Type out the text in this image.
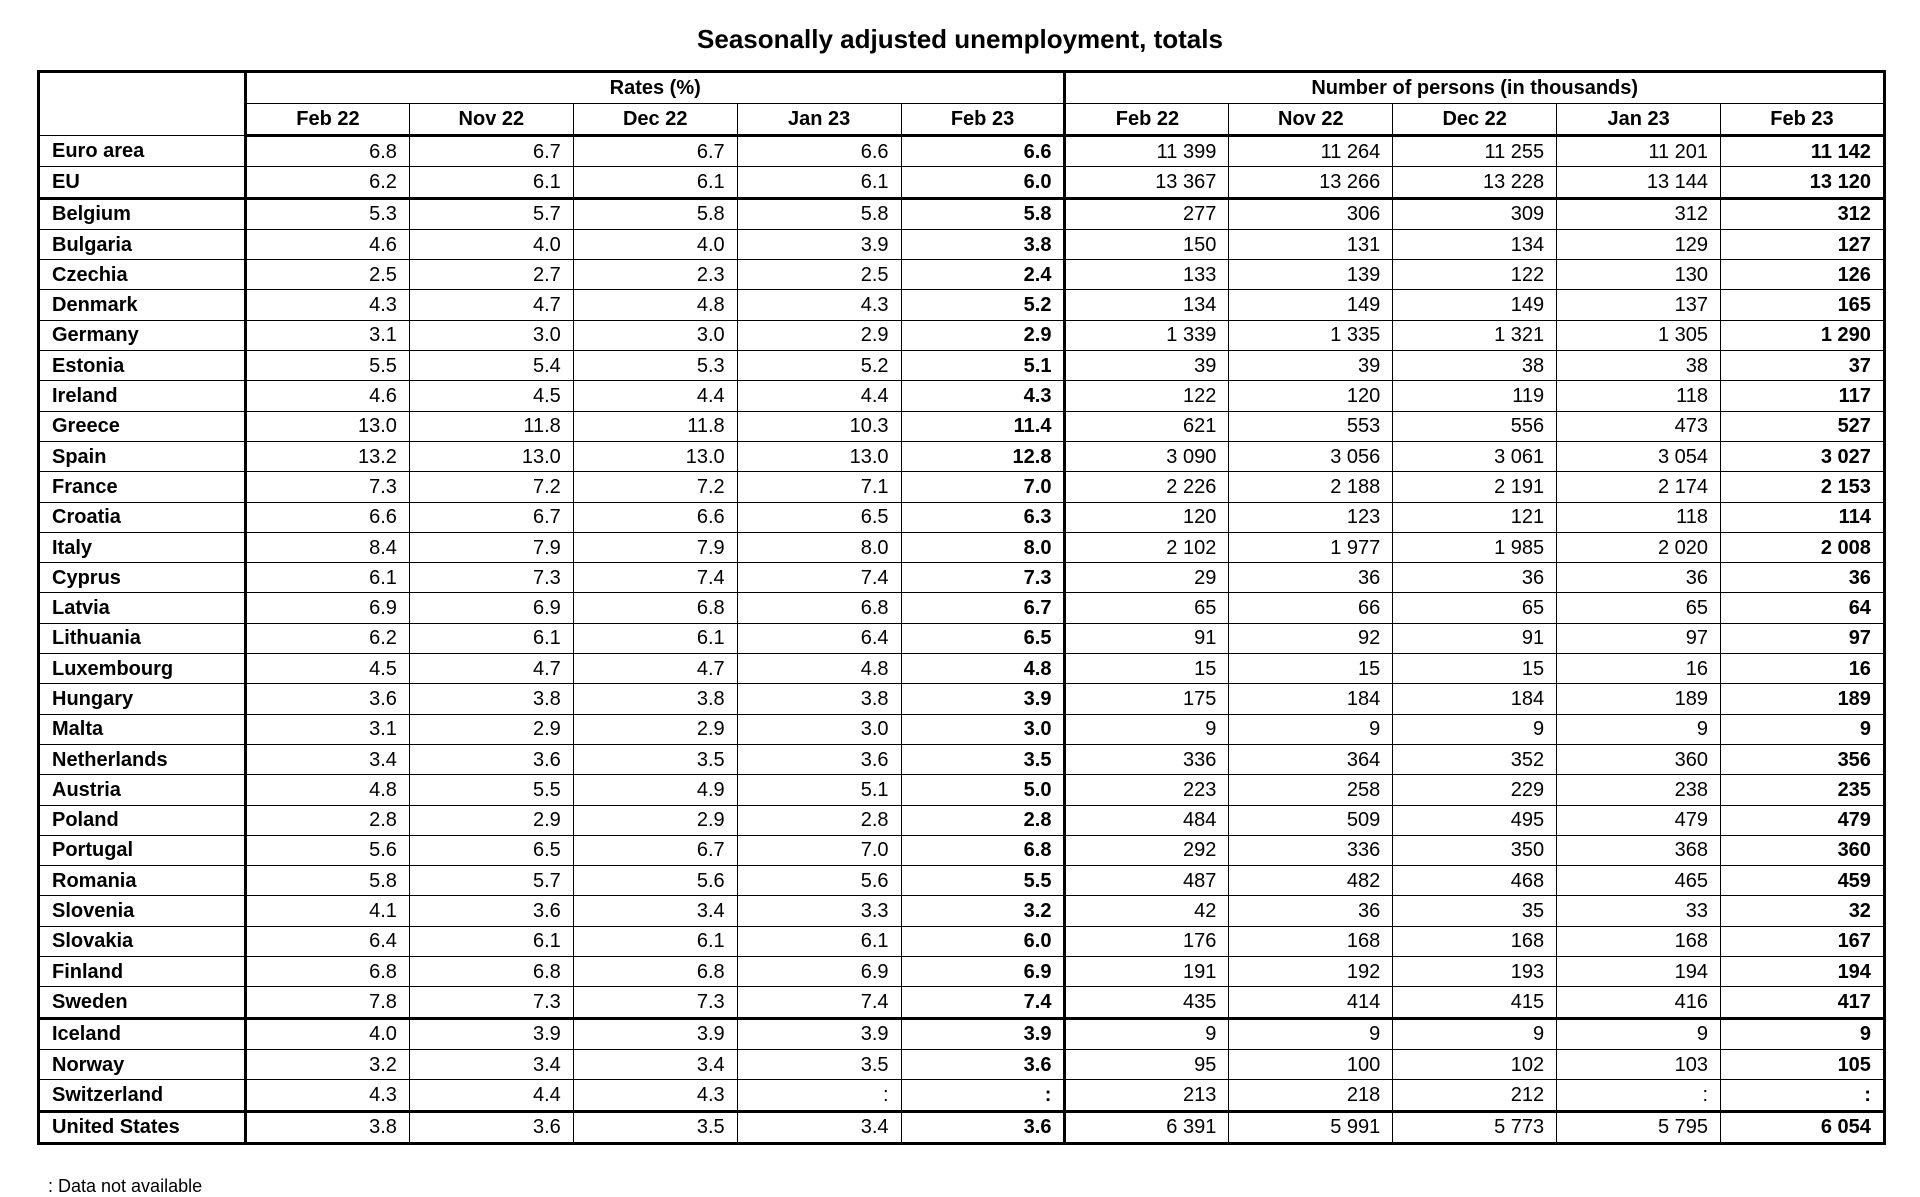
Seasonally adjusted unemployment, totals
	Rates (%)					Number of persons (in thousands)				
	Feb 22	Nov 22	Dec 22	Jan 23	Feb 23	Feb 22	Nov 22	Dec 22	Jan 23	Feb 23
Euro area	6.8	6.7	6.7	6.6	6.6	11 399	11 264	11 255	11 201	11 142
EU	6.2	6.1	6.1	6.1	6.0	13 367	13 266	13 228	13 144	13 120
Belgium	5.3	5.7	5.8	5.8	5.8	277	306	309	312	312
Bulgaria	4.6	4.0	4.0	3.9	3.8	150	131	134	129	127
Czechia	2.5	2.7	2.3	2.5	2.4	133	139	122	130	126
Denmark	4.3	4.7	4.8	4.3	5.2	134	149	149	137	165
Germany	3.1	3.0	3.0	2.9	2.9	1 339	1 335	1 321	1 305	1 290
Estonia	5.5	5.4	5.3	5.2	5.1	39	39	38	38	37
Ireland	4.6	4.5	4.4	4.4	4.3	122	120	119	118	117
Greece	13.0	11.8	11.8	10.3	11.4	621	553	556	473	527
Spain	13.2	13.0	13.0	13.0	12.8	3 090	3 056	3 061	3 054	3 027
France	7.3	7.2	7.2	7.1	7.0	2 226	2 188	2 191	2 174	2 153
Croatia	6.6	6.7	6.6	6.5	6.3	120	123	121	118	114
Italy	8.4	7.9	7.9	8.0	8.0	2 102	1 977	1 985	2 020	2 008
Cyprus	6.1	7.3	7.4	7.4	7.3	29	36	36	36	36
Latvia	6.9	6.9	6.8	6.8	6.7	65	66	65	65	64
Lithuania	6.2	6.1	6.1	6.4	6.5	91	92	91	97	97
Luxembourg	4.5	4.7	4.7	4.8	4.8	15	15	15	16	16
Hungary	3.6	3.8	3.8	3.8	3.9	175	184	184	189	189
Malta	3.1	2.9	2.9	3.0	3.0	9	9	9	9	9
Netherlands	3.4	3.6	3.5	3.6	3.5	336	364	352	360	356
Austria	4.8	5.5	4.9	5.1	5.0	223	258	229	238	235
Poland	2.8	2.9	2.9	2.8	2.8	484	509	495	479	479
Portugal	5.6	6.5	6.7	7.0	6.8	292	336	350	368	360
Romania	5.8	5.7	5.6	5.6	5.5	487	482	468	465	459
Slovenia	4.1	3.6	3.4	3.3	3.2	42	36	35	33	32
Slovakia	6.4	6.1	6.1	6.1	6.0	176	168	168	168	167
Finland	6.8	6.8	6.8	6.9	6.9	191	192	193	194	194
Sweden	7.8	7.3	7.3	7.4	7.4	435	414	415	416	417
Iceland	4.0	3.9	3.9	3.9	3.9	9	9	9	9	9
Norway	3.2	3.4	3.4	3.5	3.6	95	100	102	103	105
Switzerland	4.3	4.4	4.3	:	:	213	218	212	:	:
United States	3.8	3.6	3.5	3.4	3.6	6 391	5 991	5 773	5 795	6 054
: Data not available
